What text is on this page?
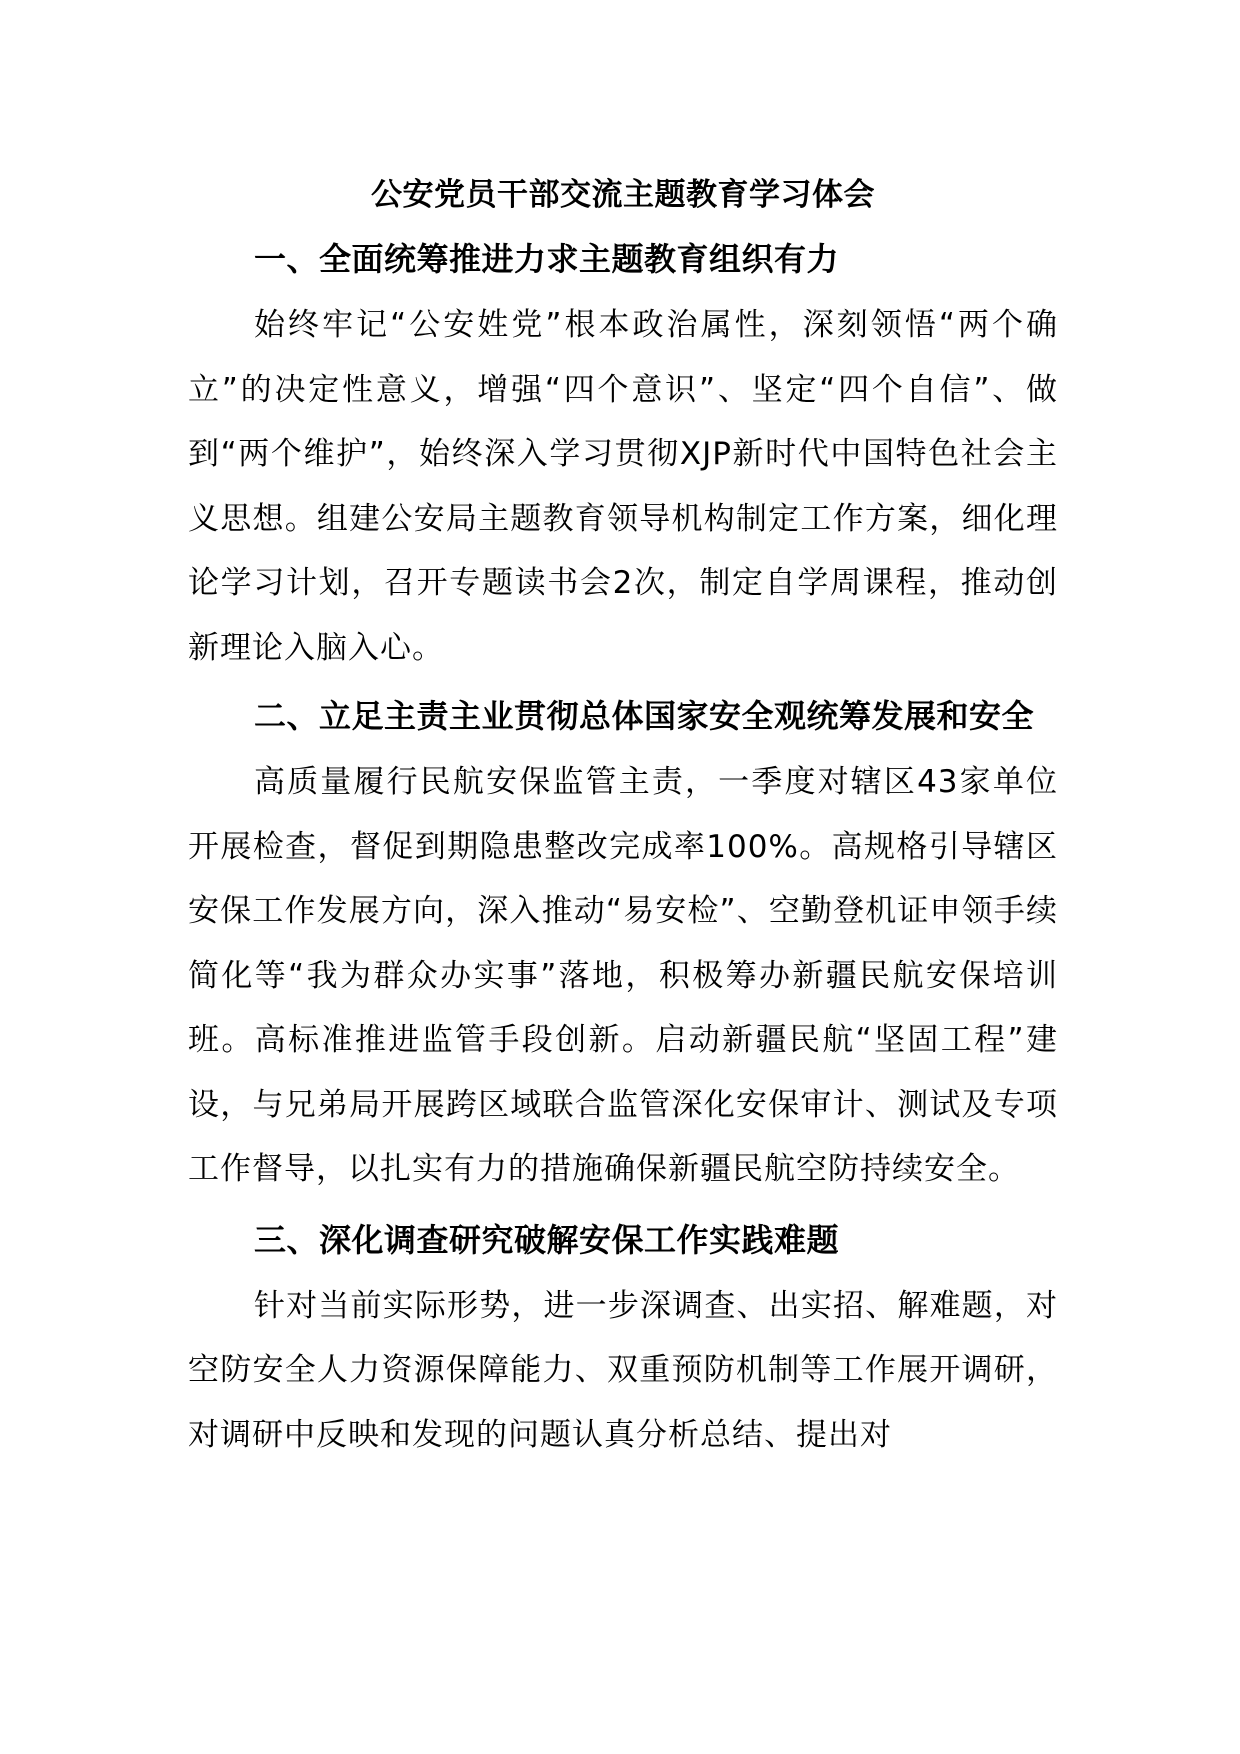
公安党员干部交流主题教育学习体会
一、全面统筹推进力求主题教育组织有力

始终牢记“公安姓党”根本政治属性，深刻领悟“两个确立”的决定性意义，增强“四个意识”、坚定“四个自信”、做到“两个维护”，始终深入学习贯彻XJP新时代中国特色社会主义思想。组建公安局主题教育领导机构制定工作方案，细化理论学习计划，召开专题读书会2次，制定自学周课程，推动创新理论入脑入心。

二、立足主责主业贯彻总体国家安全观统筹发展和安全

高质量履行民航安保监管主责，一季度对辖区43家单位开展检查，督促到期隐患整改完成率100%。高规格引导辖区安保工作发展方向，深入推动“易安检”、空勤登机证申领手续简化等“我为群众办实事”落地，积极筹办新疆民航安保培训班。高标准推进监管手段创新。启动新疆民航“坚固工程”建设，与兄弟局开展跨区域联合监管深化安保审计、测试及专项工作督导，以扎实有力的措施确保新疆民航空防持续安全。

三、深化调查研究破解安保工作实践难题

针对当前实际形势，进一步深调查、出实招、解难题，对空防安全人力资源保障能力、双重预防机制等工作展开调研，对调研中反映和发现的问题认真分析总结、提出对
